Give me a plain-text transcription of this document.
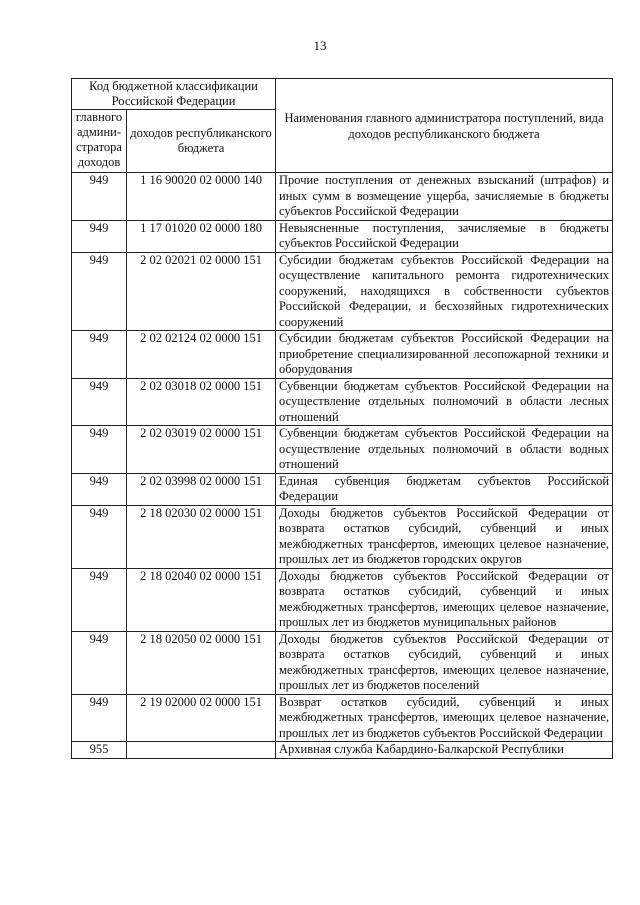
13
Код бюджетной классификации Российской Федерации		Наименования главного администратора поступлений, вида доходов республиканского бюджета
главного админи-стратора доходов	доходов республиканского бюджета	
949	1 16 90020 02 0000 140	Прочие поступления от денежных взысканий (штрафов) и иных сумм в возмещение ущерба, зачисляемые в бюджеты субъектов Российской Федерации
949	1 17 01020 02 0000 180	Невыясненные поступления, зачисляемые в бюджеты субъектов Российской Федерации
949	2 02 02021 02 0000 151	Субсидии бюджетам субъектов Российской Федерации на осуществление капитального ремонта гидротехнических сооружений, находящихся в собственности субъектов Российской Федерации, и бесхозяйных гидротехнических сооружений
949	2 02 02124 02 0000 151	Субсидии бюджетам субъектов Российской Федерации на приобретение специализированной лесопожарной техники и оборудования
949	2 02 03018 02 0000 151	Субвенции бюджетам субъектов Российской Федерации на осуществление отдельных полномочий в области лесных отношений
949	2 02 03019 02 0000 151	Субвенции бюджетам субъектов Российской Федерации на осуществление отдельных полномочий в области водных отношений
949	2 02 03998 02 0000 151	Единая субвенция бюджетам субъектов Российской Федерации
949	2 18 02030 02 0000 151	Доходы бюджетов субъектов Российской Федерации от возврата остатков субсидий, субвенций и иных межбюджетных трансфертов, имеющих целевое назначение, прошлых лет из бюджетов городских округов
949	2 18 02040 02 0000 151	Доходы бюджетов субъектов Российской Федерации от возврата остатков субсидий, субвенций и иных межбюджетных трансфертов, имеющих целевое назначение, прошлых лет из бюджетов муниципальных районов
949	2 18 02050 02 0000 151	Доходы бюджетов субъектов Российской Федерации от возврата остатков субсидий, субвенций и иных межбюджетных трансфертов, имеющих целевое назначение, прошлых лет из бюджетов поселений
949	2 19 02000 02 0000 151	Возврат остатков субсидий, субвенций и иных межбюджетных трансфертов, имеющих целевое назначение, прошлых лет из бюджетов субъектов Российской Федерации
955		Архивная служба Кабардино-Балкарской Республики
